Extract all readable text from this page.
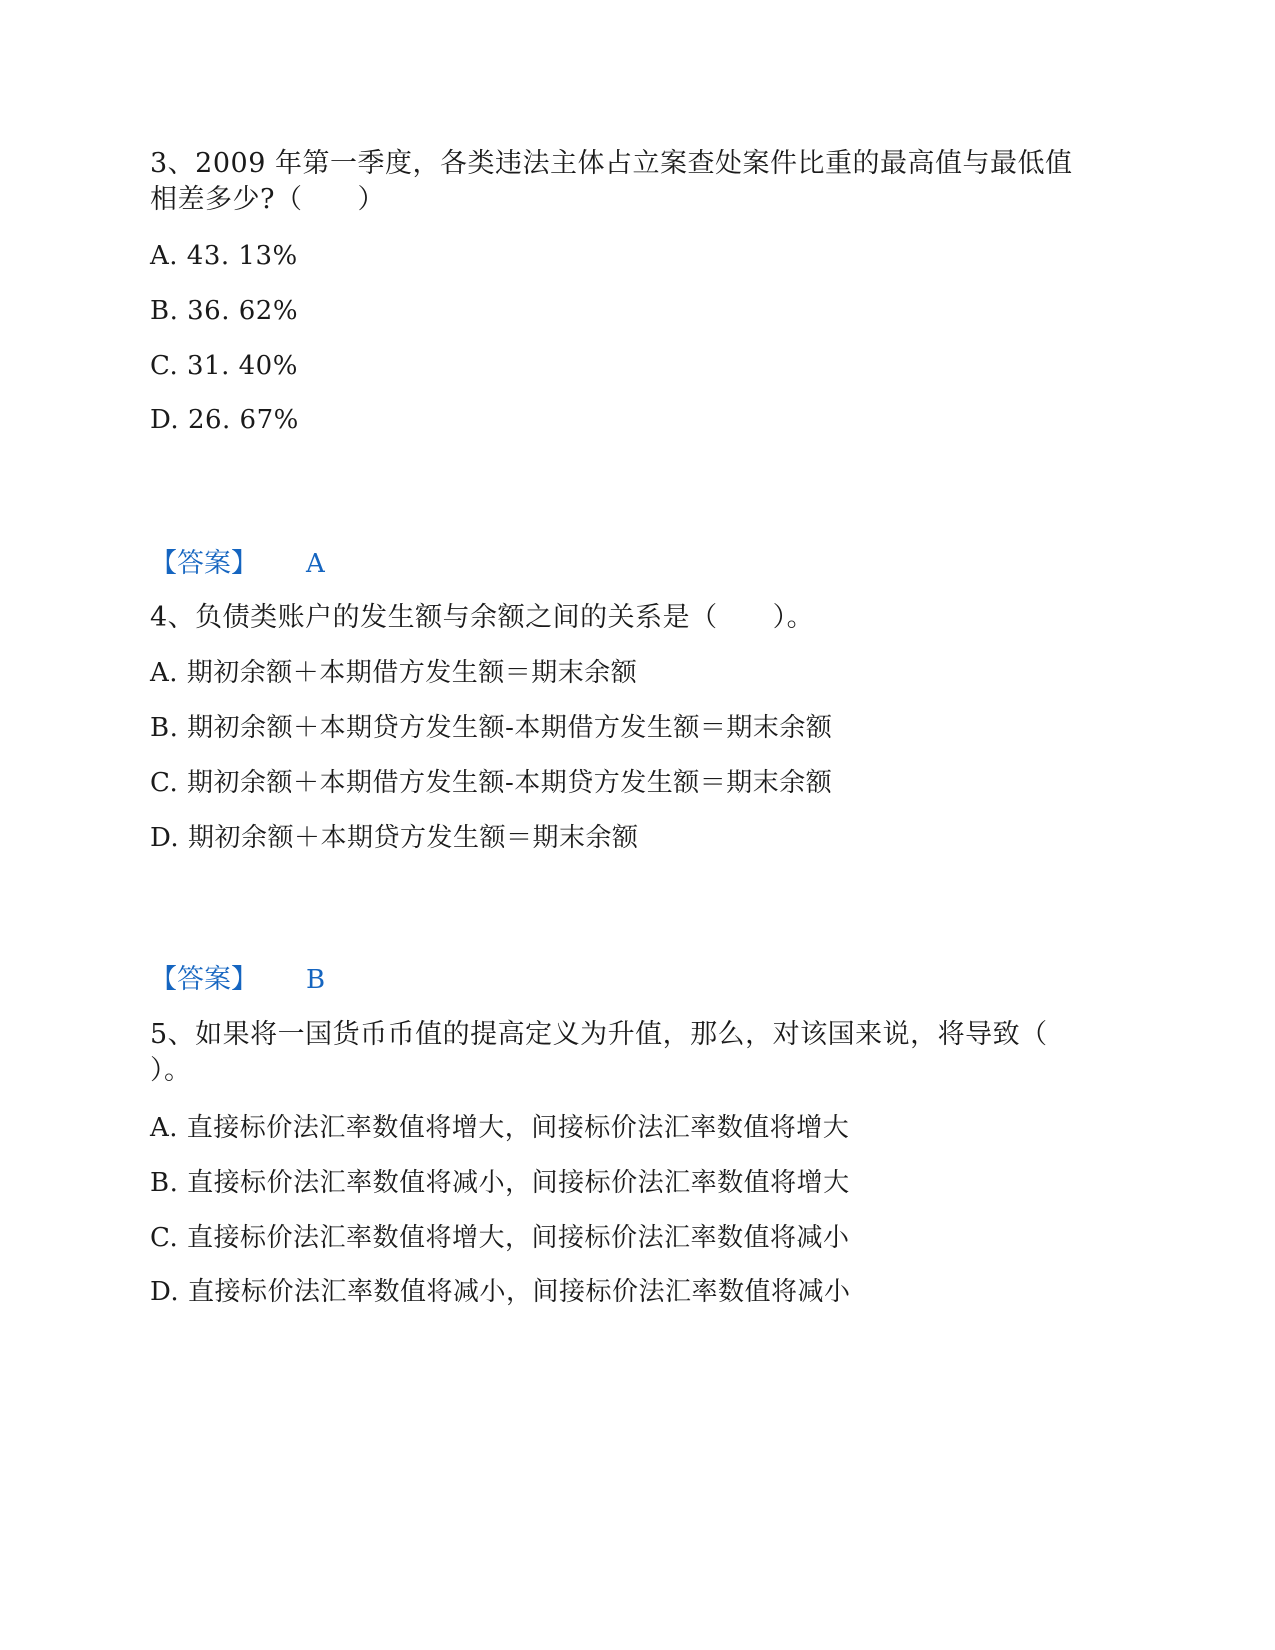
3、2009 年第一季度，各类违法主体占立案查处案件比重的最高值与最低值
相差多少?（　　）
A. 43. 13%
B. 36. 62%
C. 31. 40%
D. 26. 67%
【答案】 A
4、负债类账户的发生额与余额之间的关系是（　　）。
A. 期初余额＋本期借方发生额＝期末余额
B. 期初余额＋本期贷方发生额-本期借方发生额＝期末余额
C. 期初余额＋本期借方发生额-本期贷方发生额＝期末余额
D. 期初余额＋本期贷方发生额＝期末余额
【答案】 B
5、如果将一国货币币值的提高定义为升值，那么，对该国来说，将导致（
）。
A. 直接标价法汇率数值将增大，间接标价法汇率数值将增大
B. 直接标价法汇率数值将减小，间接标价法汇率数值将增大
C. 直接标价法汇率数值将增大，间接标价法汇率数值将减小
D. 直接标价法汇率数值将减小，间接标价法汇率数值将减小
